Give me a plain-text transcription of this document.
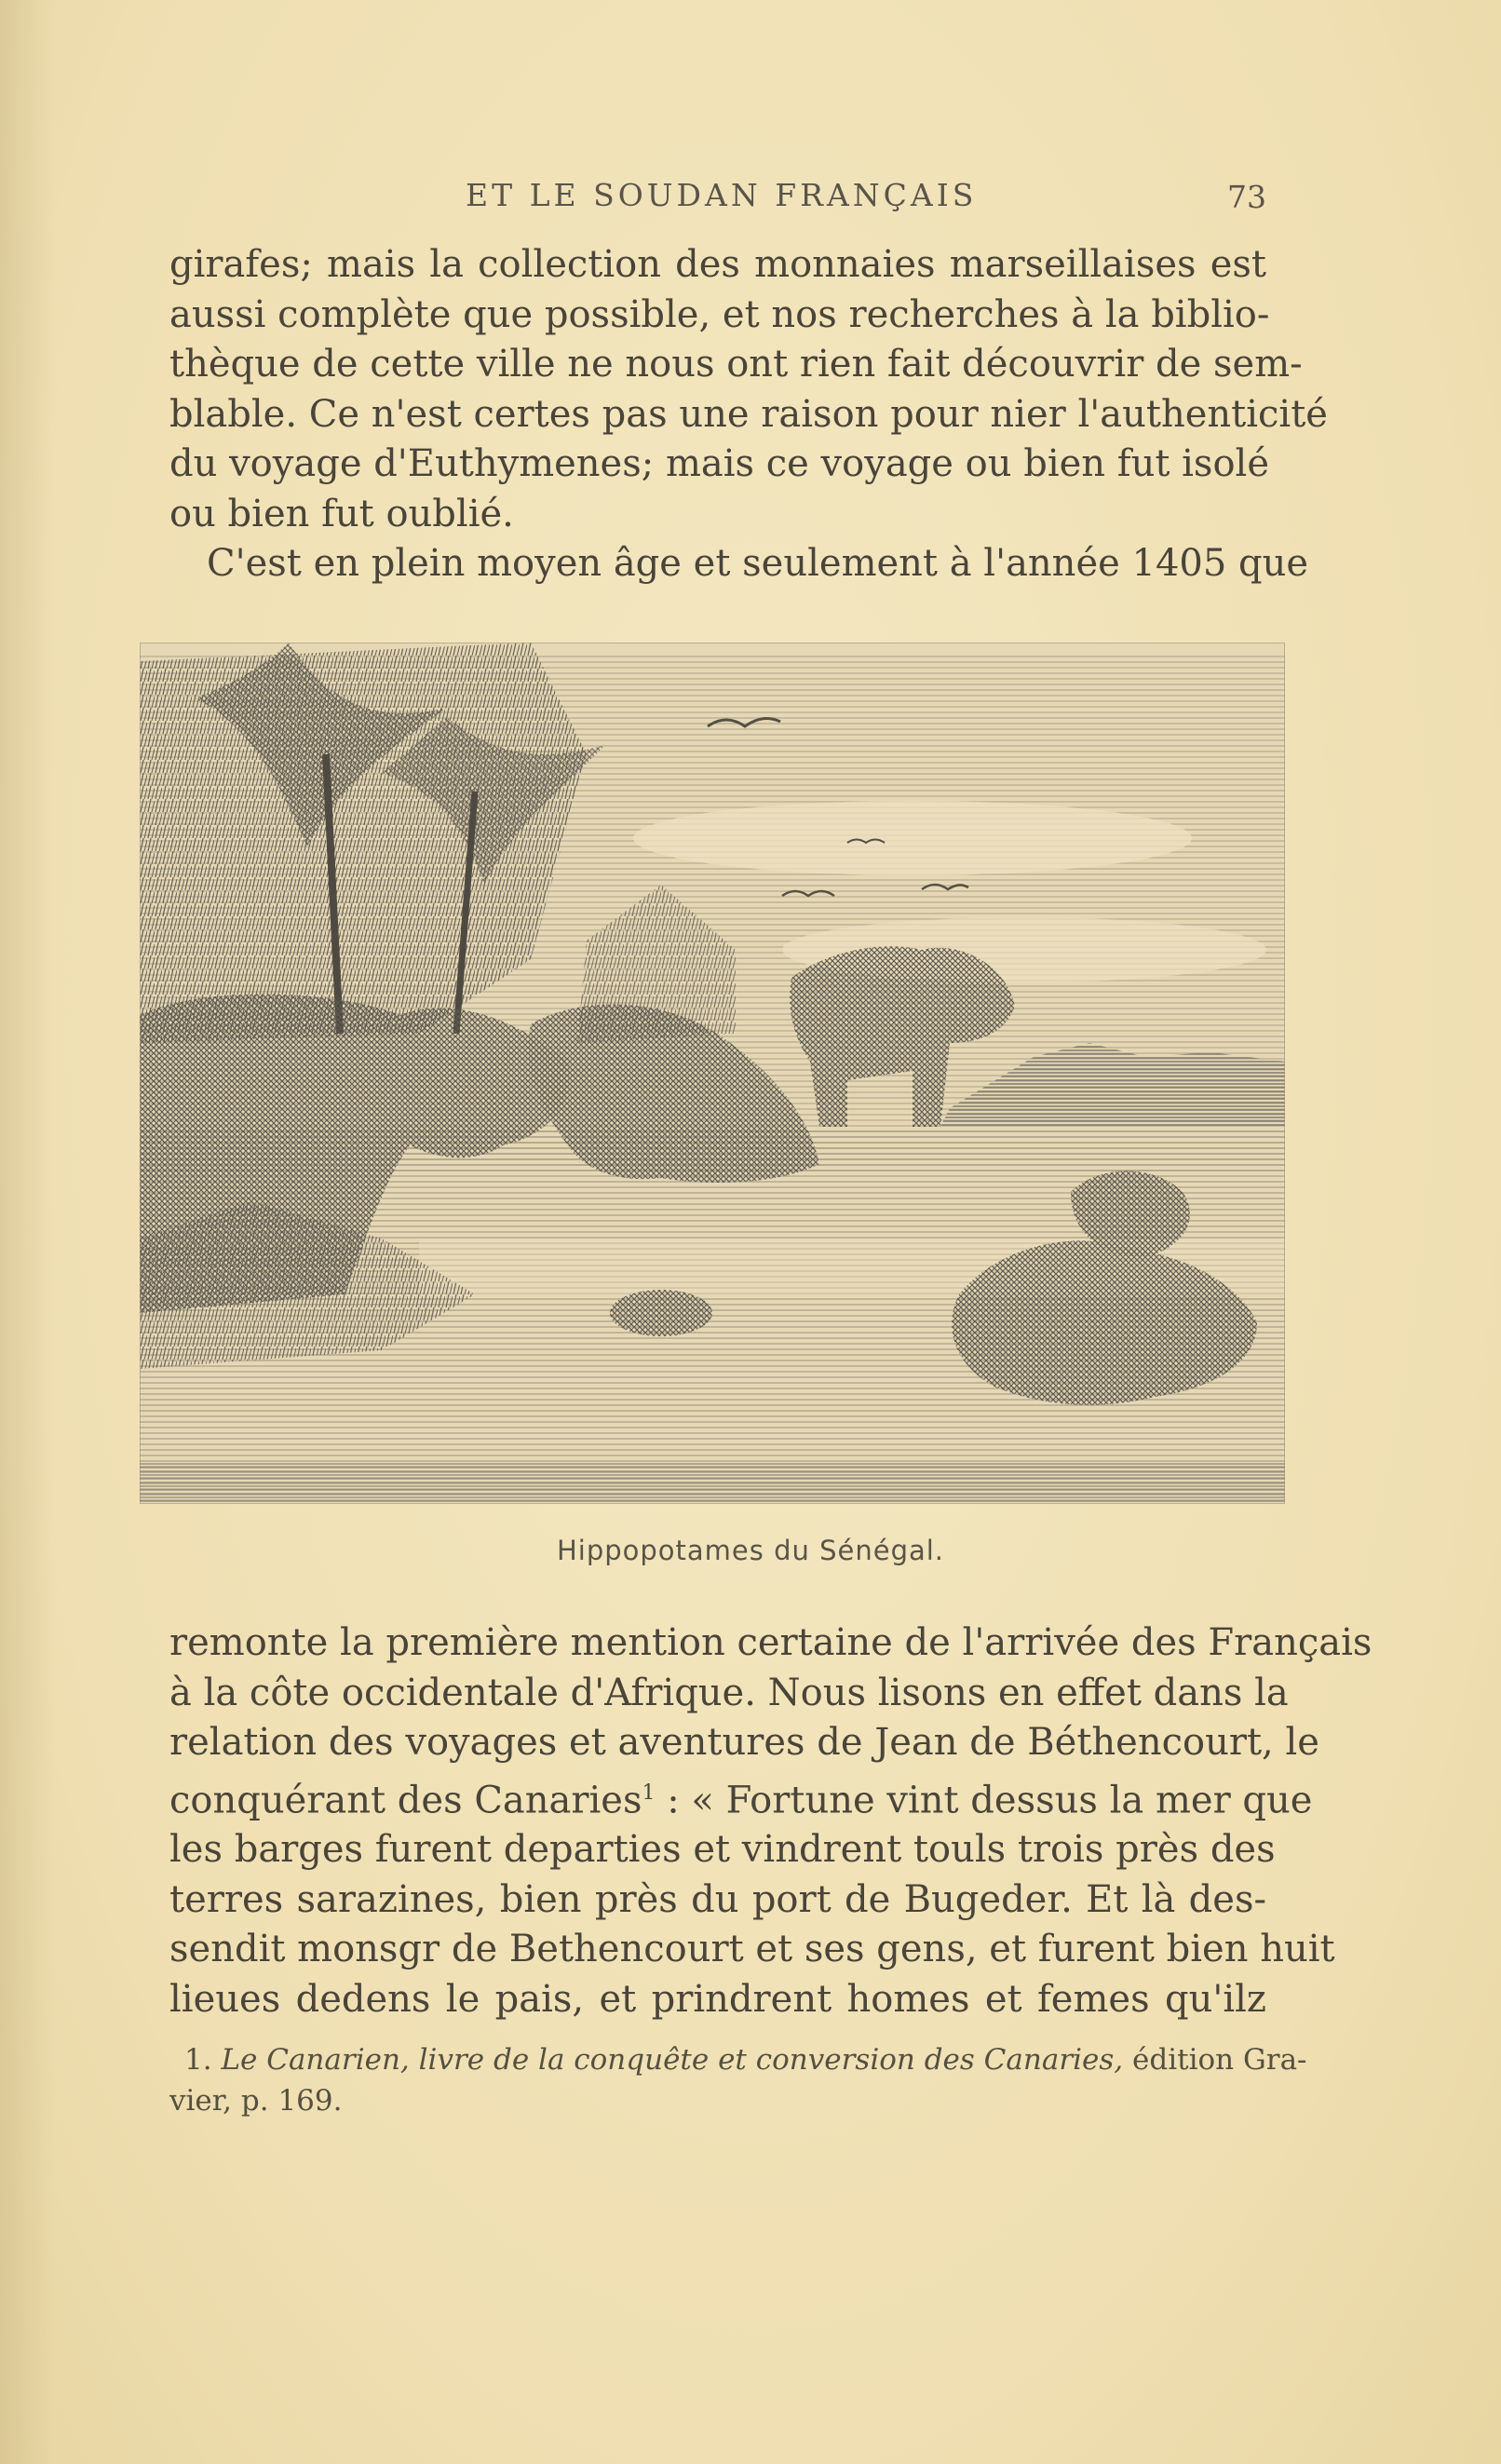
ET LE SOUDAN FRANÇAIS	73
girafes; mais la collection des monnaies marseillaises est
aussi complète que possible, et nos recherches à la biblio-
thèque de cette ville ne nous ont rien fait découvrir de sem-
blable. Ce n'est certes pas une raison pour nier l'authenticité
du voyage d'Euthymenes; mais ce voyage ou bien fut isolé
ou bien fut oublié.
C'est en plein moyen âge et seulement à l'année 1405 que
Hippopotames du Sénégal.
remonte la première mention certaine de l'arrivée des Français
à la côte occidentale d'Afrique. Nous lisons en effet dans la
relation des voyages et aventures de Jean de Béthencourt, le
conquérant des Canaries$^1$ : « Fortune vint dessus la mer que
les barges furent departies et vindrent touls trois près des
terres sarazines, bien près du port de Bugeder. Et là des-
sendit monsgr de Bethencourt et ses gens, et furent bien huit
lieues dedens le pais, et prindrent homes et femes qu'ilz
1. Le Canarien, livre de la conquête et conversion des Canaries, édition Gra-
vier, p. 169.
